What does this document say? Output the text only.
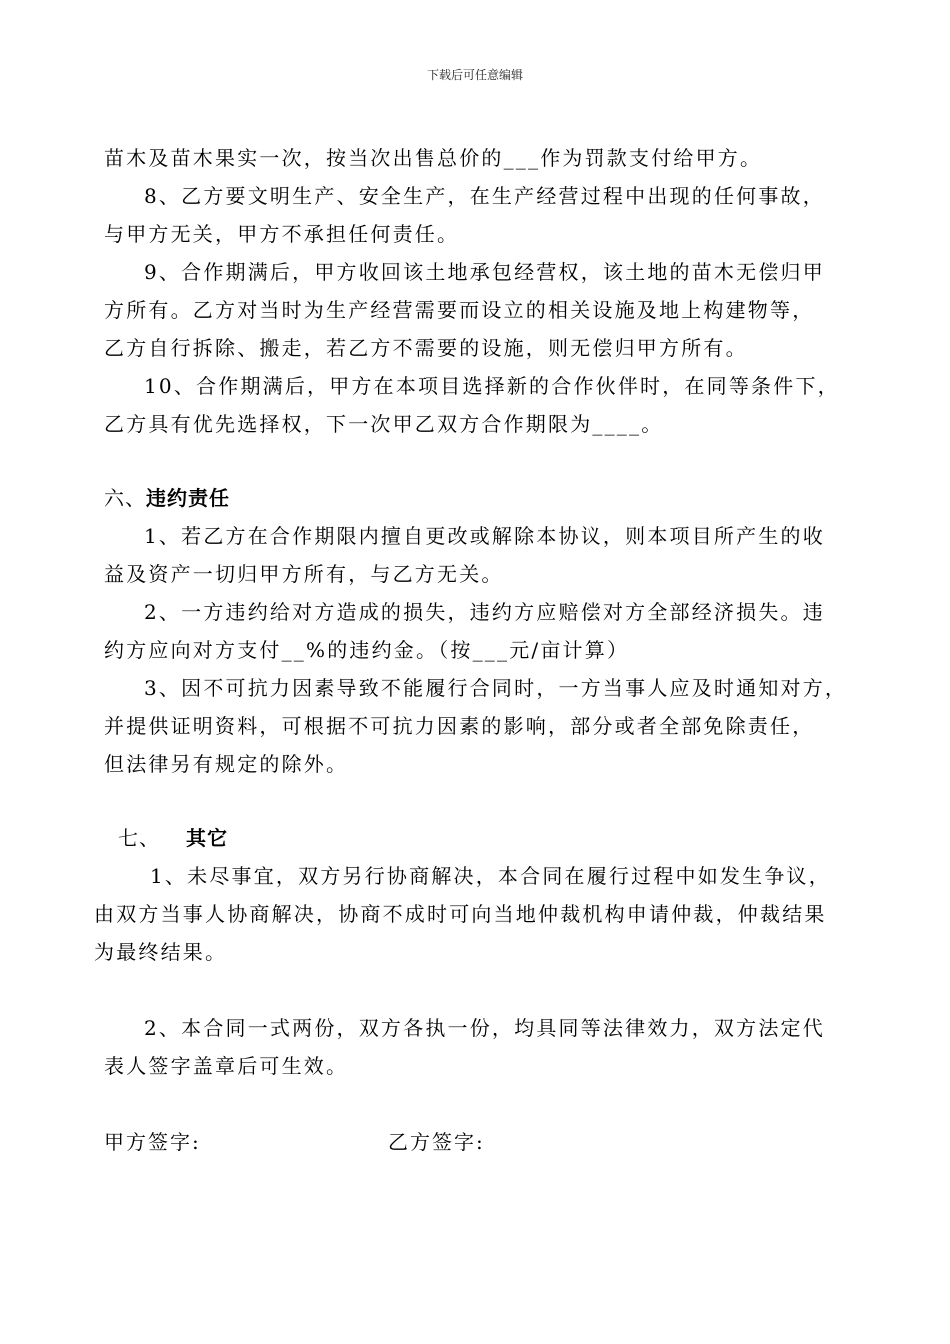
下载后可任意编辑
苗木及苗木果实一次，按当次出售总价的___作为罚款支付给甲方。
8、乙方要文明生产、安全生产，在生产经营过程中出现的任何事故，
与甲方无关，甲方不承担任何责任。
9、合作期满后，甲方收回该土地承包经营权，该土地的苗木无偿归甲
方所有。乙方对当时为生产经营需要而设立的相关设施及地上构建物等，
乙方自行拆除、搬走，若乙方不需要的设施，则无偿归甲方所有。
10、合作期满后，甲方在本项目选择新的合作伙伴时，在同等条件下，
乙方具有优先选择权，下一次甲乙双方合作期限为____。
六、违约责任
1、若乙方在合作期限内擅自更改或解除本协议，则本项目所产生的收
益及资产一切归甲方所有，与乙方无关。
2、一方违约给对方造成的损失，违约方应赔偿对方全部经济损失。违
约方应向对方支付__%的违约金。（按___元/亩计算）
3、因不可抗力因素导致不能履行合同时，一方当事人应及时通知对方，
并提供证明资料，可根据不可抗力因素的影响，部分或者全部免除责任，
但法律另有规定的除外。
七、 其它
1、未尽事宜，双方另行协商解决，本合同在履行过程中如发生争议，
由双方当事人协商解决，协商不成时可向当地仲裁机构申请仲裁，仲裁结果
为最终结果。
2、本合同一式两份，双方各执一份，均具同等法律效力，双方法定代
表人签字盖章后可生效。
甲方签字:	乙方签字:
